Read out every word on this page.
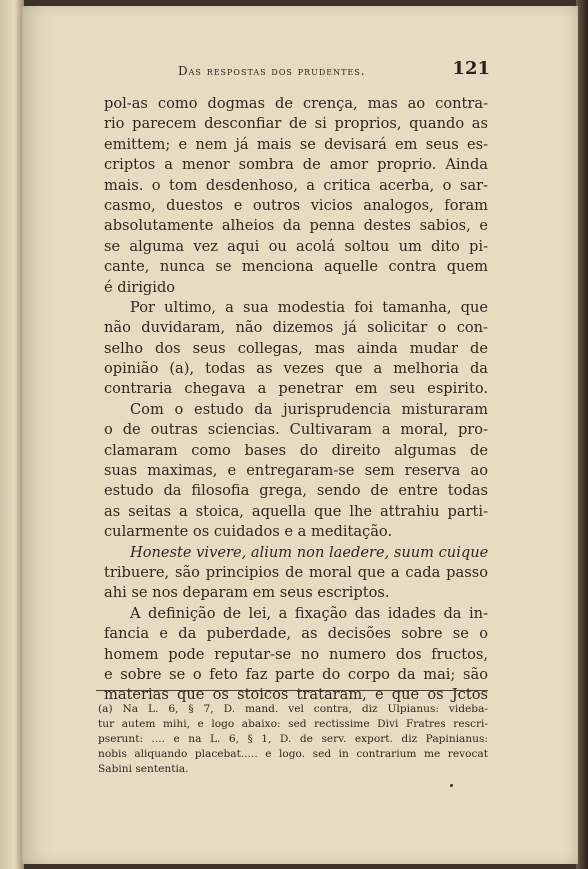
Das respostas dos prudentes.	121
pol-as como dogmas de crença, mas ao contra-
rio parecem desconfiar de si proprios, quando as
emittem; e nem já mais se devisará em seus es-
criptos a menor sombra de amor proprio. Ainda
mais. o tom desdenhoso, a critica acerba, o sar-
casmo, duestos e outros vicios analogos, foram
absolutamente alheios da penna destes sabios, e
se alguma vez aqui ou acolá soltou um dito pi-
cante, nunca se menciona aquelle contra quem
é dirigido
Por ultimo, a sua modestia foi tamanha, que
não duvidaram, não dizemos já solicitar o con-
selho dos seus collegas, mas ainda mudar de
opinião (a), todas as vezes que a melhoria da
contraria chegava a penetrar em seu espirito.
Com o estudo da jurisprudencia misturaram
o de outras sciencias. Cultivaram a moral, pro-
clamaram como bases do direito algumas de
suas maximas, e entregaram-se sem reserva ao
estudo da filosofia grega, sendo de entre todas
as seitas a stoica, aquella que lhe attrahiu parti-
cularmente os cuidados e a meditação.
Honeste vivere, alium non laedere, suum cuique
tribuere, são principios de moral que a cada passo
ahi se nos deparam em seus escriptos.
A definição de lei, a fixação das idades da in-
fancia e da puberdade, as decisões sobre se o
homem pode reputar-se no numero dos fructos,
e sobre se o feto faz parte do corpo da mai; são
materias que os stoicos trataram, e que os Jctos
(a) Na L. 6, § 7, D. mand. vel contra, diz Ulpianus: videba-
tur autem mihi, e logo abaixo: sed rectissime Divi Fratres rescri-
pserunt: .... e na L. 6, § 1, D. de serv. export. diz Papinianus:
nobis aliquando placebat..... e logo. sed in contrarium me revocat
Sabini sententia.
